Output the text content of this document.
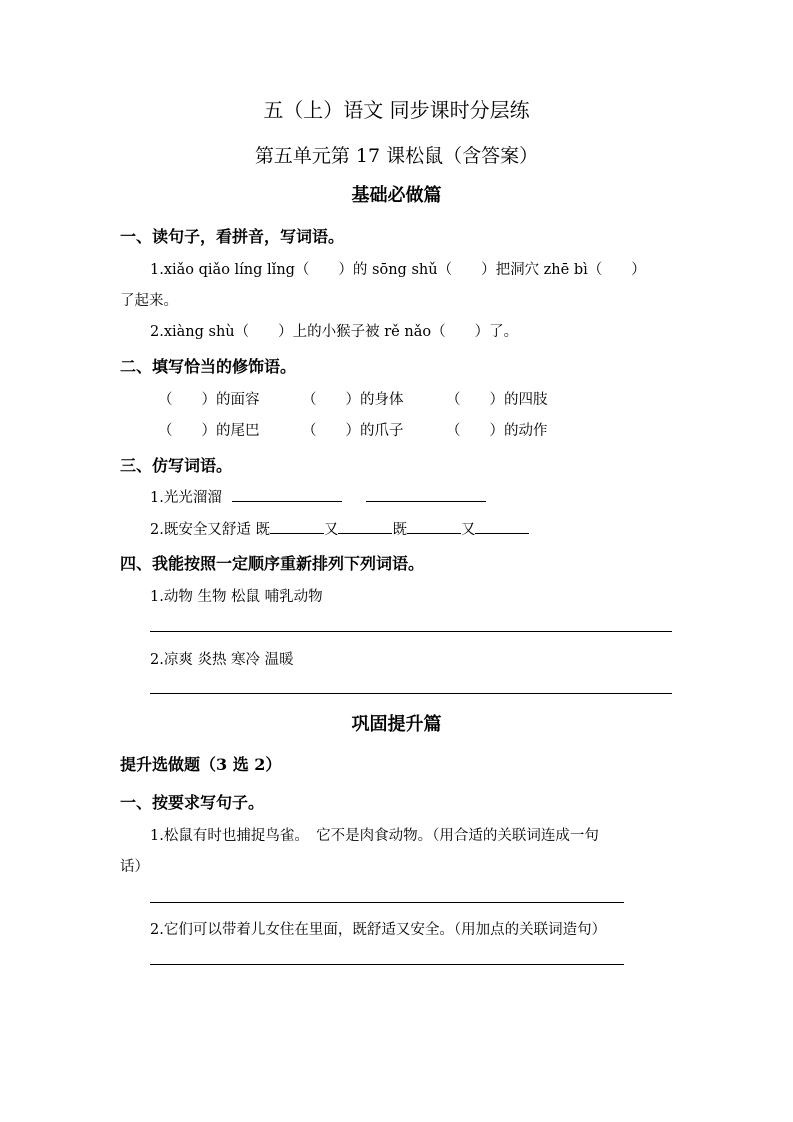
五（上）语文 同步课时分层练
第五单元第 17 课松鼠（含答案）
基础必做篇
一、读句子，看拼音，写词语。
1.xiǎo qiǎo líng lǐng（　　）的 sōng shǔ（　　）把洞穴 zhē bì（　　）
了起来。
2.xiàng shù（　　）上的小猴子被 rě nǎo（　　）了。
二、填写恰当的修饰语。
（　　）的面容	（　　）的身体	（　　）的四肢
（　　）的尾巴	（　　）的爪子	（　　）的动作
三、仿写词语。
1.光光溜溜
2.既安全又舒适 既	又	既	又
四、我能按照一定顺序重新排列下列词语。
1.动物 生物 松鼠 哺乳动物
2.凉爽 炎热 寒冷 温暖
巩固提升篇
提升选做题（3 选 2）
一、按要求写句子。
1.松鼠有时也捕捉鸟雀。　它不是肉食动物。（用合适的关联词连成一句
话）
2.它们可以带着儿女住在里面，既舒适又安全。（用加点的关联词造句）
